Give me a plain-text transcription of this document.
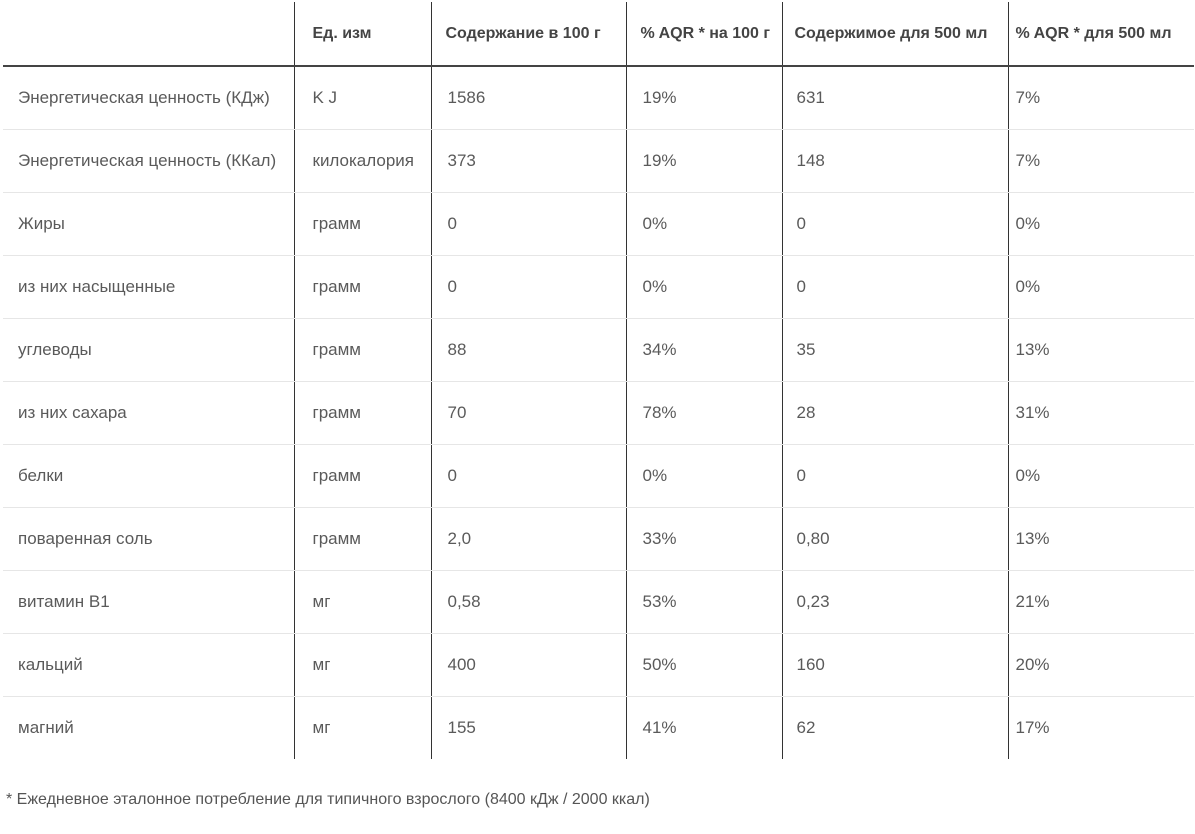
	Ед. изм	Содержание в 100 г	% AQR * на 100 г	Содержимое для 500 мл	% AQR * для 500 мл
Энергетическая ценность (КДж)	K J	1586	19%	631	7%
Энергетическая ценность (ККал)	килокалория	373	19%	148	7%
Жиры	грамм	0	0%	0	0%
из них насыщенные	грамм	0	0%	0	0%
углеводы	грамм	88	34%	35	13%
из них сахара	грамм	70	78%	28	31%
белки	грамм	0	0%	0	0%
поваренная соль	грамм	2,0	33%	0,80	13%
витамин B1	мг	0,58	53%	0,23	21%
кальций	мг	400	50%	160	20%
магний	мг	155	41%	62	17%
* Ежедневное эталонное потребление для типичного взрослого (8400 кДж / 2000 ккал)
